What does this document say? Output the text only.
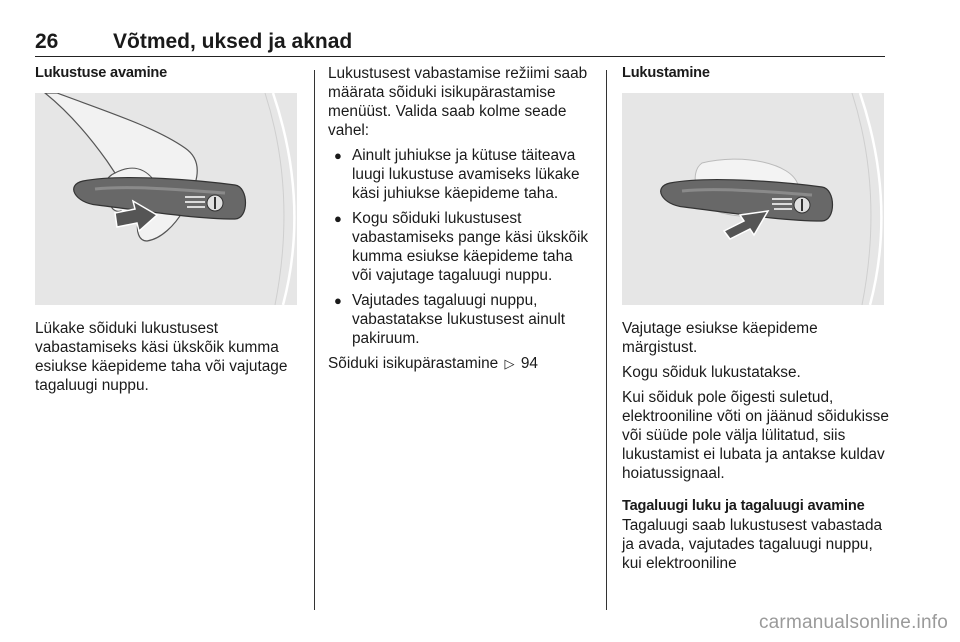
26	Võtmed, uksed ja aknad
Lukustuse avamine

Lükake sõiduki lukustusest vabastamiseks käsi ükskõik kumma esiukse käepideme taha või vajutage tagaluugi nuppu.

Lukustusest vabastamise režiimi saab määrata sõiduki isikupärastamise menüüst. Valida saab kolme seade vahel:

● Ainult juhiukse ja kütuse täiteava luugi lukustuse avamiseks lükake käsi juhiukse käepideme taha.
● Kogu sõiduki lukustusest vabastamiseks pange käsi ükskõik kumma esiukse käepideme taha või vajutage tagaluugi nuppu.
● Vajutades tagaluugi nuppu, vabastatakse lukustusest ainult pakiruum.

Sõiduki isikupärastamine ▷ 94

Lukustamine

Vajutage esiukse käepideme märgistust.

Kogu sõiduk lukustatakse.

Kui sõiduk pole õigesti suletud, elektrooniline võti on jäänud sõidukisse või süüde pole välja lülitatud, siis lukustamist ei lubata ja antakse kuldav hoiatussignaal.

Tagaluugi luku ja tagaluugi avamine

Tagaluugi saab lukustusest vabastada ja avada, vajutades tagaluugi nuppu, kui elektrooniline

carmanualsonline.info
